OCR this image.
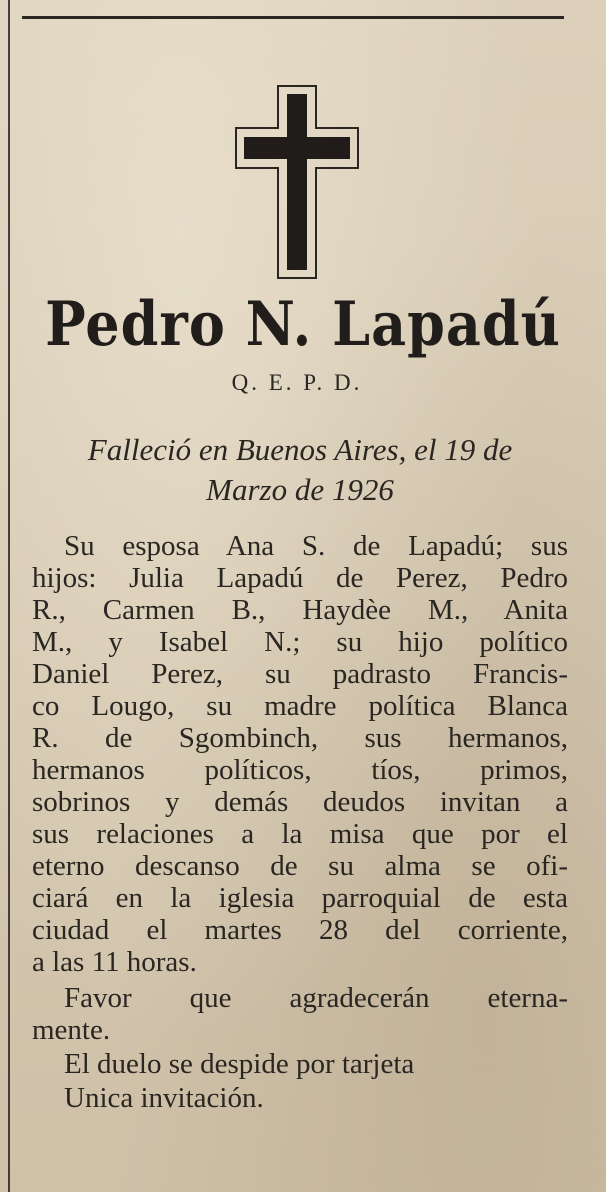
Pedro N. Lapadú
Q. E. P. D.
Falleció en Buenos Aires, el 19 de
Marzo de 1926
Su esposa Ana S. de Lapadú; sus
hijos: Julia Lapadú de Perez, Pedro
R., Carmen B., Haydèe M., Anita
M., y Isabel N.; su hijo político
Daniel Perez, su padrasto Francis-
co Lougo, su madre política Blanca
R. de Sgombinch, sus hermanos,
hermanos políticos, tíos, primos,
sobrinos y demás deudos invitan a
sus relaciones a la misa que por el
eterno descanso de su alma se ofi-
ciará en la iglesia parroquial de esta
ciudad el martes 28 del corriente,
a las 11 horas.
Favor que agradecerán eterna-
mente.
El duelo se despide por tarjeta
Unica invitación.
